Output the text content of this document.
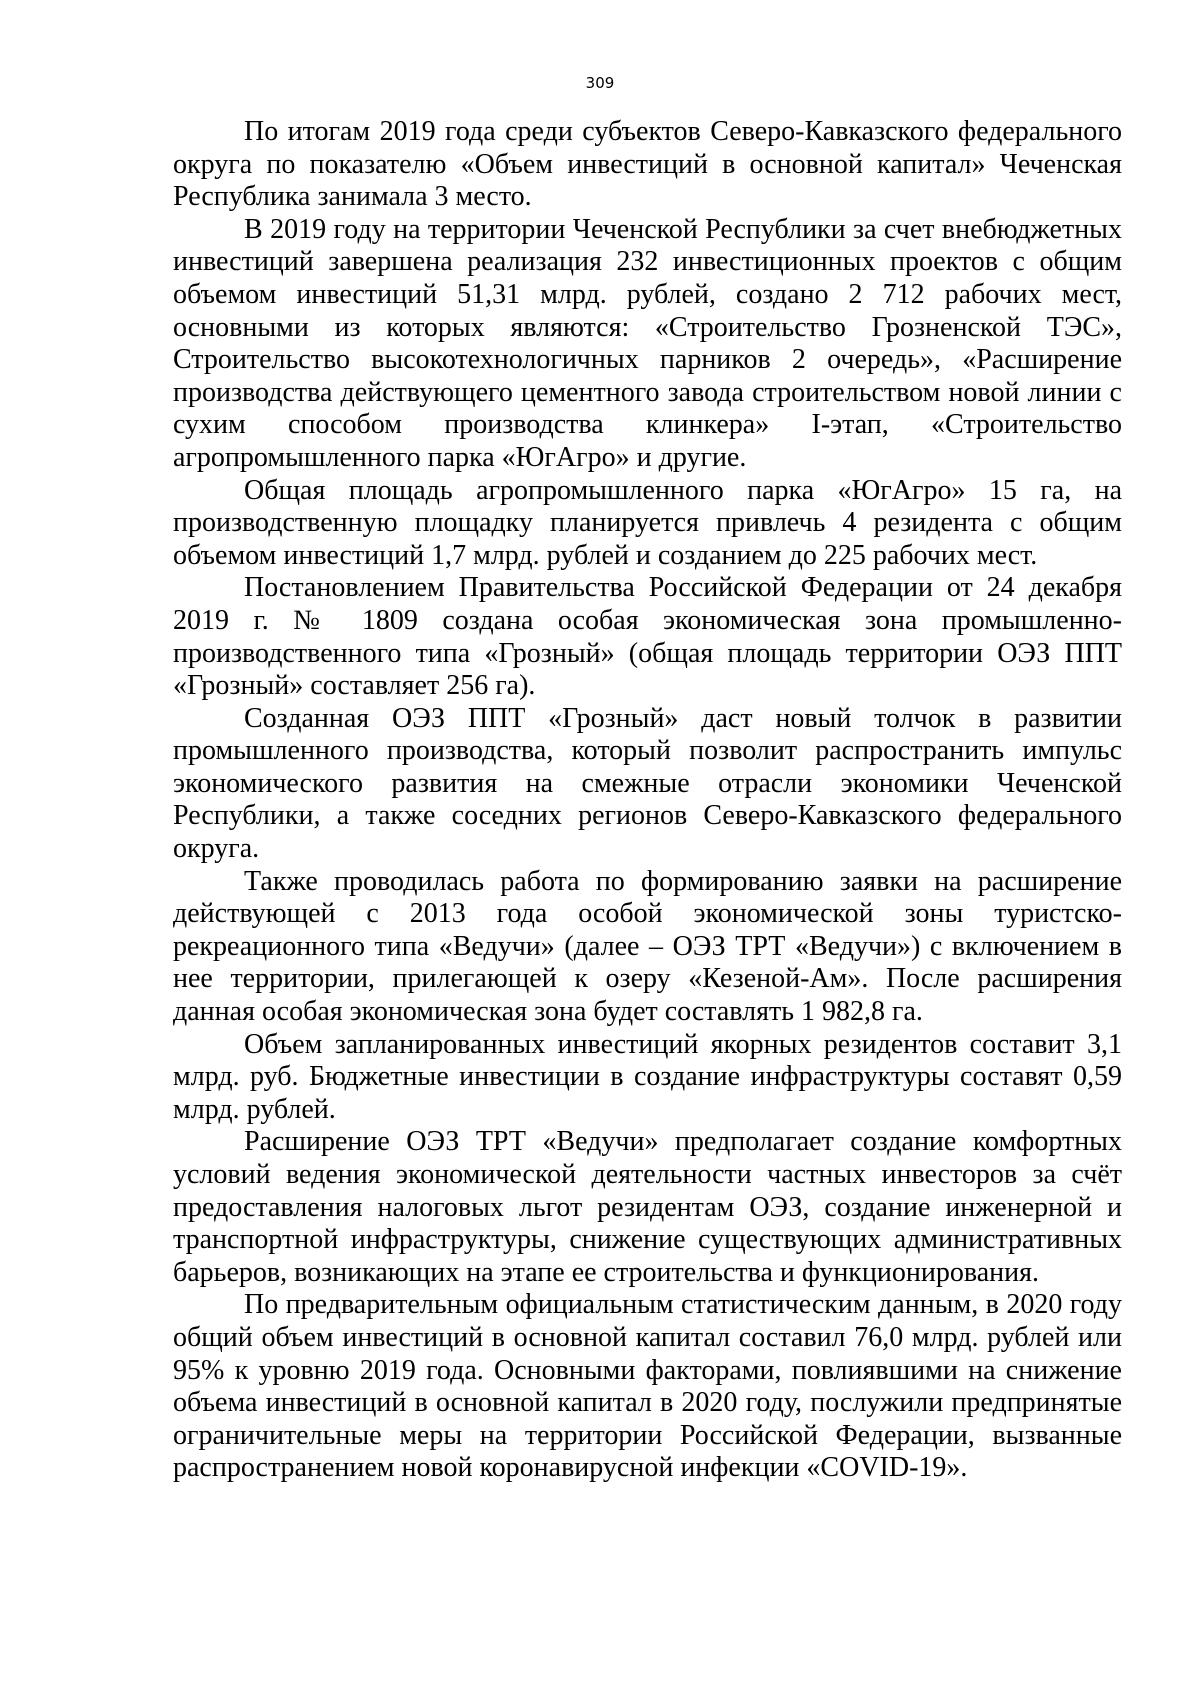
309

По итогам 2019 года среди субъектов Северо-Кавказского федерального округа по показателю «Объем инвестиций в основной капитал» Чеченская Республика занимала 3 место.

В 2019 году на территории Чеченской Республики за счет внебюджетных инвестиций завершена реализация 232 инвестиционных проектов с общим объемом инвестиций 51,31 млрд. рублей, создано 2 712 рабочих мест, основными из которых являются: «Строительство Грозненской ТЭС», Строительство высокотехнологичных парников 2 очередь», «Расширение производства действующего цементного завода строительством новой линии с сухим способом производства клинкера» I-этап, «Строительство агропромышленного парка «ЮгАгро» и другие.

Общая площадь агропромышленного парка «ЮгАгро» 15 га, на производственную площадку планируется привлечь 4 резидента с общим объемом инвестиций 1,7 млрд. рублей и созданием до 225 рабочих мест.

Постановлением Правительства Российской Федерации от 24 декабря 2019 г. № 1809 создана особая экономическая зона промышленно-производственного типа «Грозный» (общая площадь территории ОЭЗ ППТ «Грозный» составляет 256 га).

Созданная ОЭЗ ППТ «Грозный» даст новый толчок в развитии промышленного производства, который позволит распространить импульс экономического развития на смежные отрасли экономики Чеченской Республики, а также соседних регионов Северо-Кавказского федерального округа.

Также проводилась работа по формированию заявки на расширение действующей с 2013 года особой экономической зоны туристско-рекреационного типа «Ведучи» (далее – ОЭЗ ТРТ «Ведучи») с включением в нее территории, прилегающей к озеру «Кезеной-Ам». После расширения данная особая экономическая зона будет составлять 1 982,8 га.

Объем запланированных инвестиций якорных резидентов составит 3,1 млрд. руб. Бюджетные инвестиции в создание инфраструктуры составят 0,59 млрд. рублей.

Расширение ОЭЗ ТРТ «Ведучи» предполагает создание комфортных условий ведения экономической деятельности частных инвесторов за счёт предоставления налоговых льгот резидентам ОЭЗ, создание инженерной и транспортной инфраструктуры, снижение существующих административных барьеров, возникающих на этапе ее строительства и функционирования.

По предварительным официальным статистическим данным, в 2020 году общий объем инвестиций в основной капитал составил 76,0 млрд. рублей или 95% к уровню 2019 года. Основными факторами, повлиявшими на снижение объема инвестиций в основной капитал в 2020 году, послужили предпринятые ограничительные меры на территории Российской Федерации, вызванные распространением новой коронавирусной инфекции «COVID-19».
